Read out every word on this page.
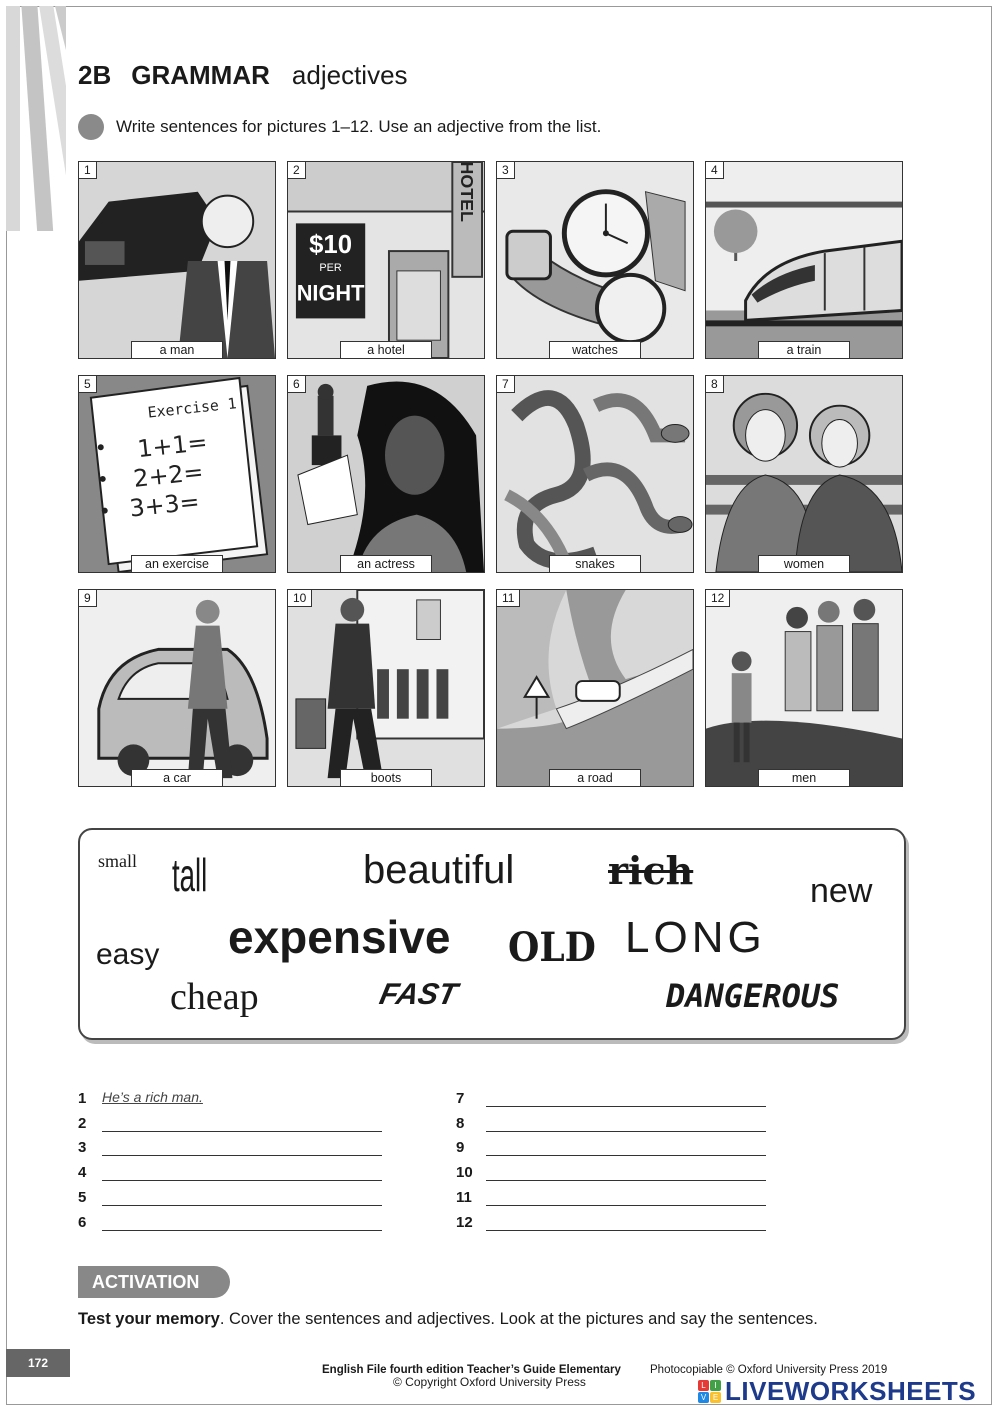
2B GRAMMAR adjectives
Write sentences for pictures 1–12. Use an adjective from the list.
1
a man
$10
PER
NIGHT
HOTEL
2
a hotel
3
watches
4
a train
Exercise 1
1+1=
2+2=
3+3=
5
an exercise
6
an actress
7
snakes
8
women
9
a car
10
boots
11
a road
12
men
small tall	beautiful rich	new
easy expensive OLD LONG
cheap	FAST	DANGEROUS
1	He’s a rich man.
2
3
4
5
6
7
8
9
10
11
12
ACTIVATION
Test your memory. Cover the sentences and adjectives. Look at the pictures and say the sentences.
172	English File fourth edition Teacher’s Guide Elementary	Photocopiable © Oxford University Press 2019
© Copyright Oxford University Press	L	I
V E LIVEWORKSHEETS
